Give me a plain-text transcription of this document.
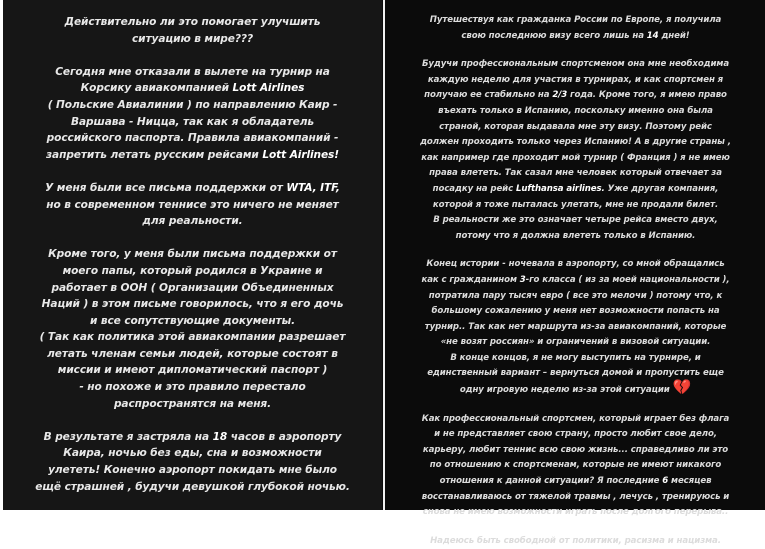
Действительно ли это помогает улучшить
ситуацию в мире???
Сегодня мне отказали в вылете на турнир на
Корсику авиакомпанией Lott Airlines
( Польские Авиалинии ) по направлению Каир -
Варшава - Ницца, так как я обладатель
российского паспорта. Правила авиакомпаний -
запретить летать русским рейсами Lott Airlines!
У меня были все письма поддержки от WTA, ITF,
но в современном теннисе это ничего не меняет
для реальности.
Кроме того, у меня были письма поддержки от
моего папы, который родился в Украине и
работает в ООН ( Организации Объединенных
Наций ) в этом письме говорилось, что я его дочь
и все сопутствующие документы.
( Так как политика этой авиакомпании разрешает
летать членам семьи людей, которые состоят в
миссии и имеют дипломатический паспорт )
- но похоже и это правило перестало
распространятся на меня.
В результате я застряла на 18 часов в аэропорту
Каира, ночью без еды, сна и возможности
улететь! Конечно аэропорт покидать мне было
ещё страшней , будучи девушкой глубокой ночью.
Путешествуя как гражданка России по Европе, я получила
свою последнюю визу всего лишь на 14 дней!
Будучи профессиональным спортсменом она мне необходима
каждую неделю для участия в турнирах, и как спортсмен я
получаю ее стабильно на 2/3 года. Кроме того, я имею право
въехать только в Испанию, поскольку именно она была
страной, которая выдавала мне эту визу. Поэтому рейс
должен проходить только через Испанию! А в другие страны ,
как например где проходит мой турнир ( Франция ) я не имею
права влететь. Так сазал мне человек который отвечает за
посадку на рейс Lufthansa airlines. Уже другая компания,
которой я тоже пыталась улетать, мне не продали билет.
В реальности же это означает четыре рейса вместо двух,
потому что я должна влететь только в Испанию.
Конец истории - ночевала в аэропорту, со мной обращались
как с гражданином 3-го класса ( из за моей национальности ),
потратила пару тысяч евро ( все это мелочи ) потому что, к
большому сожалению у меня нет возможности попасть на
турнир.. Так как нет маршрута из-за авиакомпаний, которые
«не возят россиян» и ограничений в визовой ситуации.
В конце концов, я не могу выступить на турнире, и
единственный вариант – вернуться домой и пропустить еще
одну игровую неделю из-за этой ситуации 💔
Как профессиональный спортсмен, который играет без флага
и не представляет свою страну, просто любит свое дело,
карьеру, любит теннис всю свою жизнь... справедливо ли это
по отношению к спортсменам, которые не имеют никакого
отношения к данной ситуации? Я последние 6 месяцев
восстанавливаюсь от тяжелой травмы , лечусь , тренируюсь и
снова не имею возможности играть после долгого перерыва..
Надеюсь быть свободной от политики, расизма и нацизма.
